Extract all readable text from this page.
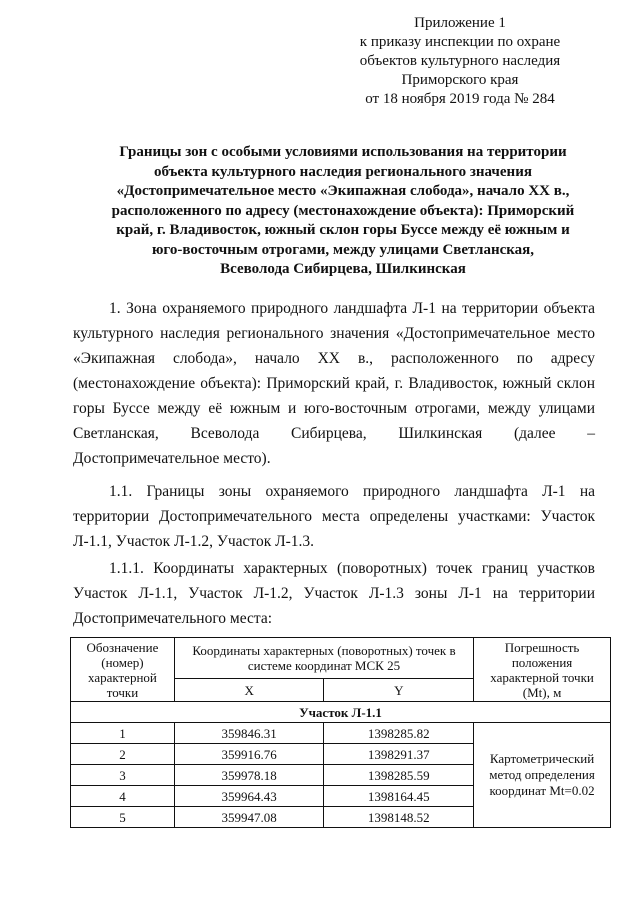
Приложение 1
к приказу инспекции по охране
объектов культурного наследия
Приморского края
от 18 ноября 2019 года № 284
Границы зон с особыми условиями использования на территории
объекта культурного наследия регионального значения
«Достопримечательное место «Экипажная слобода», начало XX в.,
расположенного по адресу (местонахождение объекта): Приморский
край, г. Владивосток, южный склон горы Буссе между её южным и
юго-восточным отрогами, между улицами Светланская,
Всеволода Сибирцева, Шилкинская

1. Зона охраняемого природного ландшафта Л-1 на территории объекта культурного наследия регионального значения «Достопримечательное место «Экипажная слобода», начало XX в., расположенного по адресу (местонахождение объекта): Приморский край, г. Владивосток, южный склон горы Буссе между её южным и юго-восточным отрогами, между улицами Светланская, Всеволода Сибирцева, Шилкинская (далее – Достопримечательное место).

1.1. Границы зоны охраняемого природного ландшафта Л-1 на территории Достопримечательного места определены участками: Участок Л-1.1, Участок Л-1.2, Участок Л-1.3.

1.1.1. Координаты характерных (поворотных) точек границ участков Участок Л-1.1, Участок Л-1.2, Участок Л-1.3 зоны Л-1 на территории Достопримечательного места:

Обозначение (номер) характерной точки	Координаты характерных (поворотных) точек в системе координат МСК 25		Погрешность положения характерной точки (Mt), м
	X	Y	
Участок Л-1.1			
1	359846.31	1398285.82	Картометрический метод определения координат Mt=0.02
2	359916.76	1398291.37	
3	359978.18	1398285.59	
4	359964.43	1398164.45	
5	359947.08	1398148.52	
